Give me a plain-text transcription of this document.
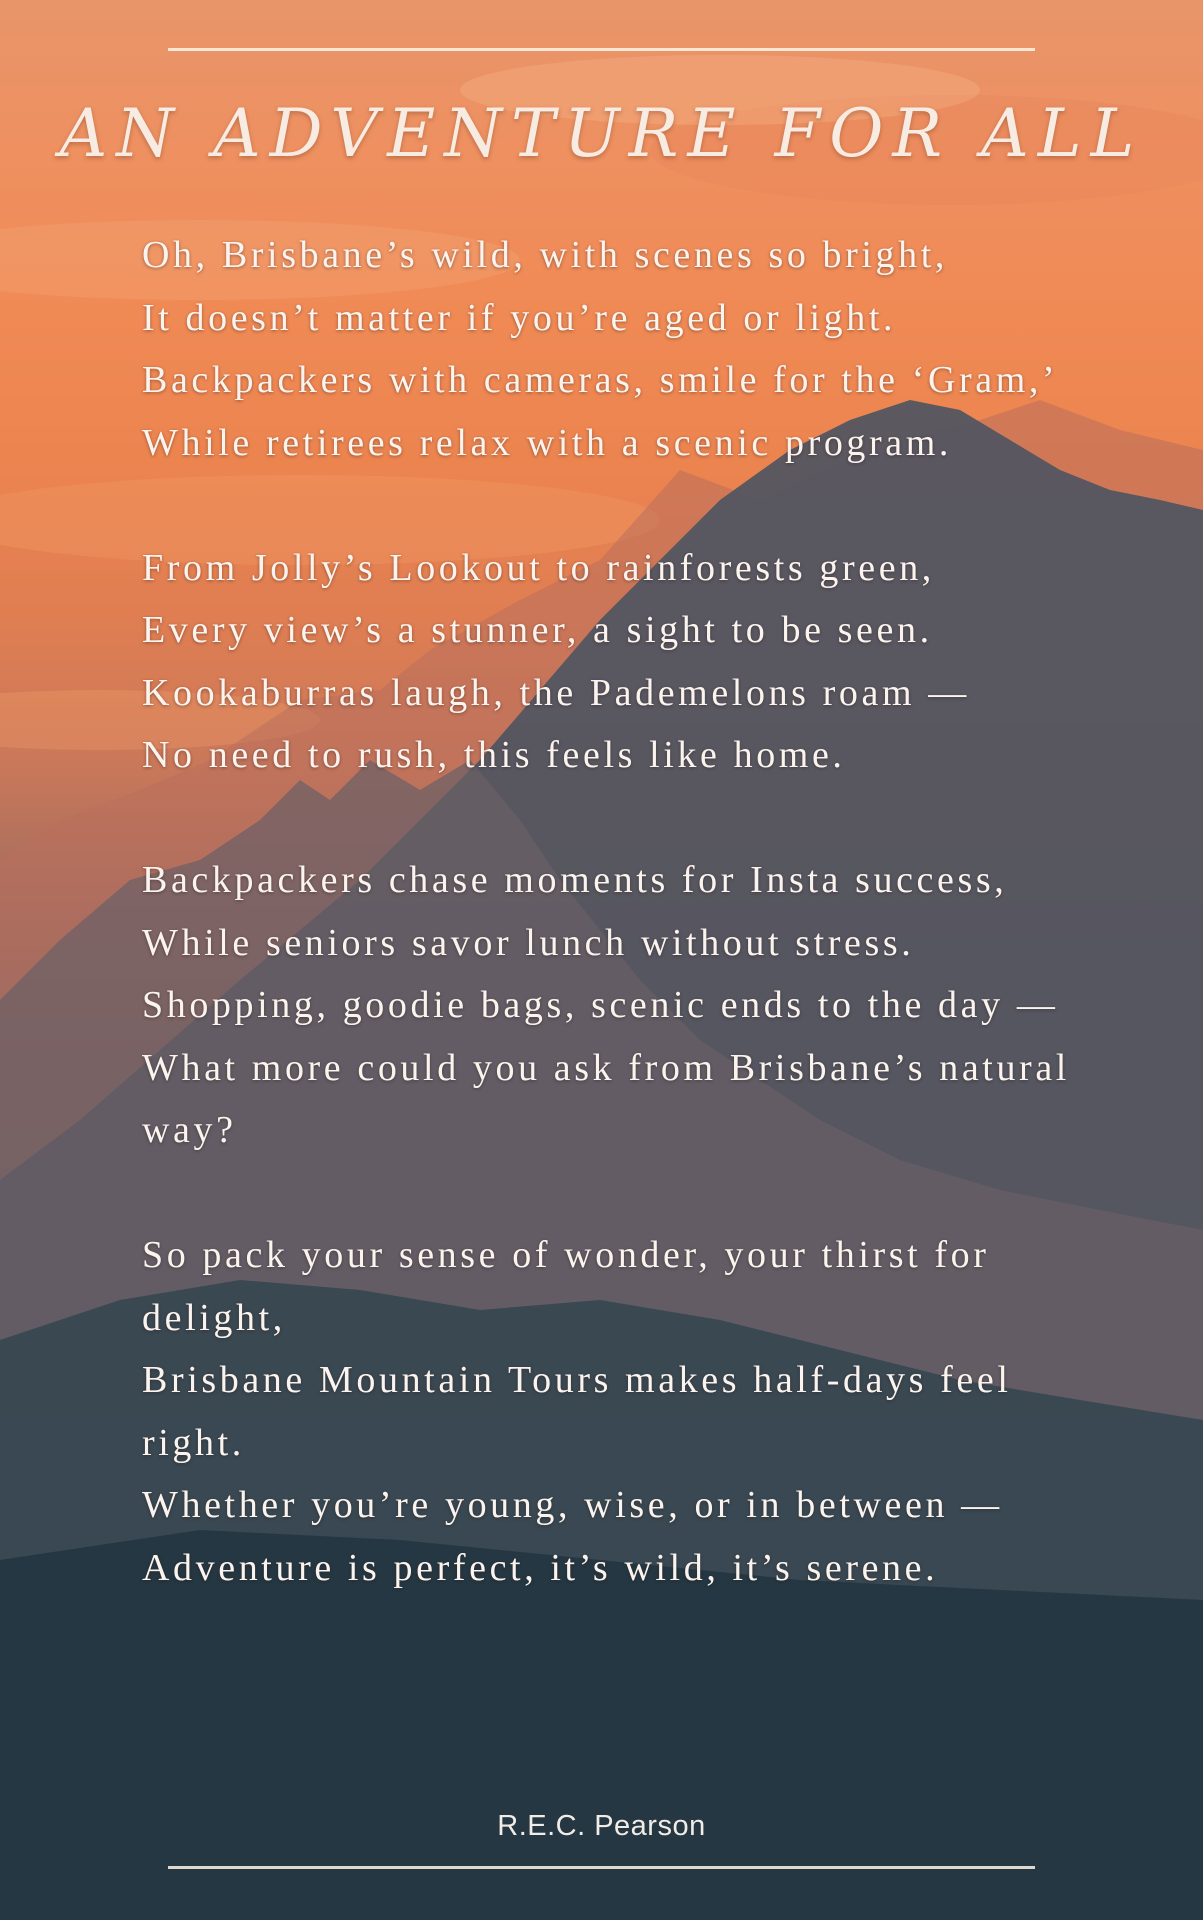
AN ADVENTURE FOR ALL

Oh, Brisbane’s wild, with scenes so bright,
It doesn’t matter if you’re aged or light.
Backpackers with cameras, smile for the ‘Gram,’
While retirees relax with a scenic program.

From Jolly’s Lookout to rainforests green,
Every view’s a stunner, a sight to be seen.
Kookaburras laugh, the Pademelons roam —
No need to rush, this feels like home.

Backpackers chase moments for Insta success,
While seniors savor lunch without stress.
Shopping, goodie bags, scenic ends to the day —
What more could you ask from Brisbane’s natural way?

So pack your sense of wonder, your thirst for delight,
Brisbane Mountain Tours makes half-days feel right.
Whether you’re young, wise, or in between —
Adventure is perfect, it’s wild, it’s serene.

R.E.C. Pearson
